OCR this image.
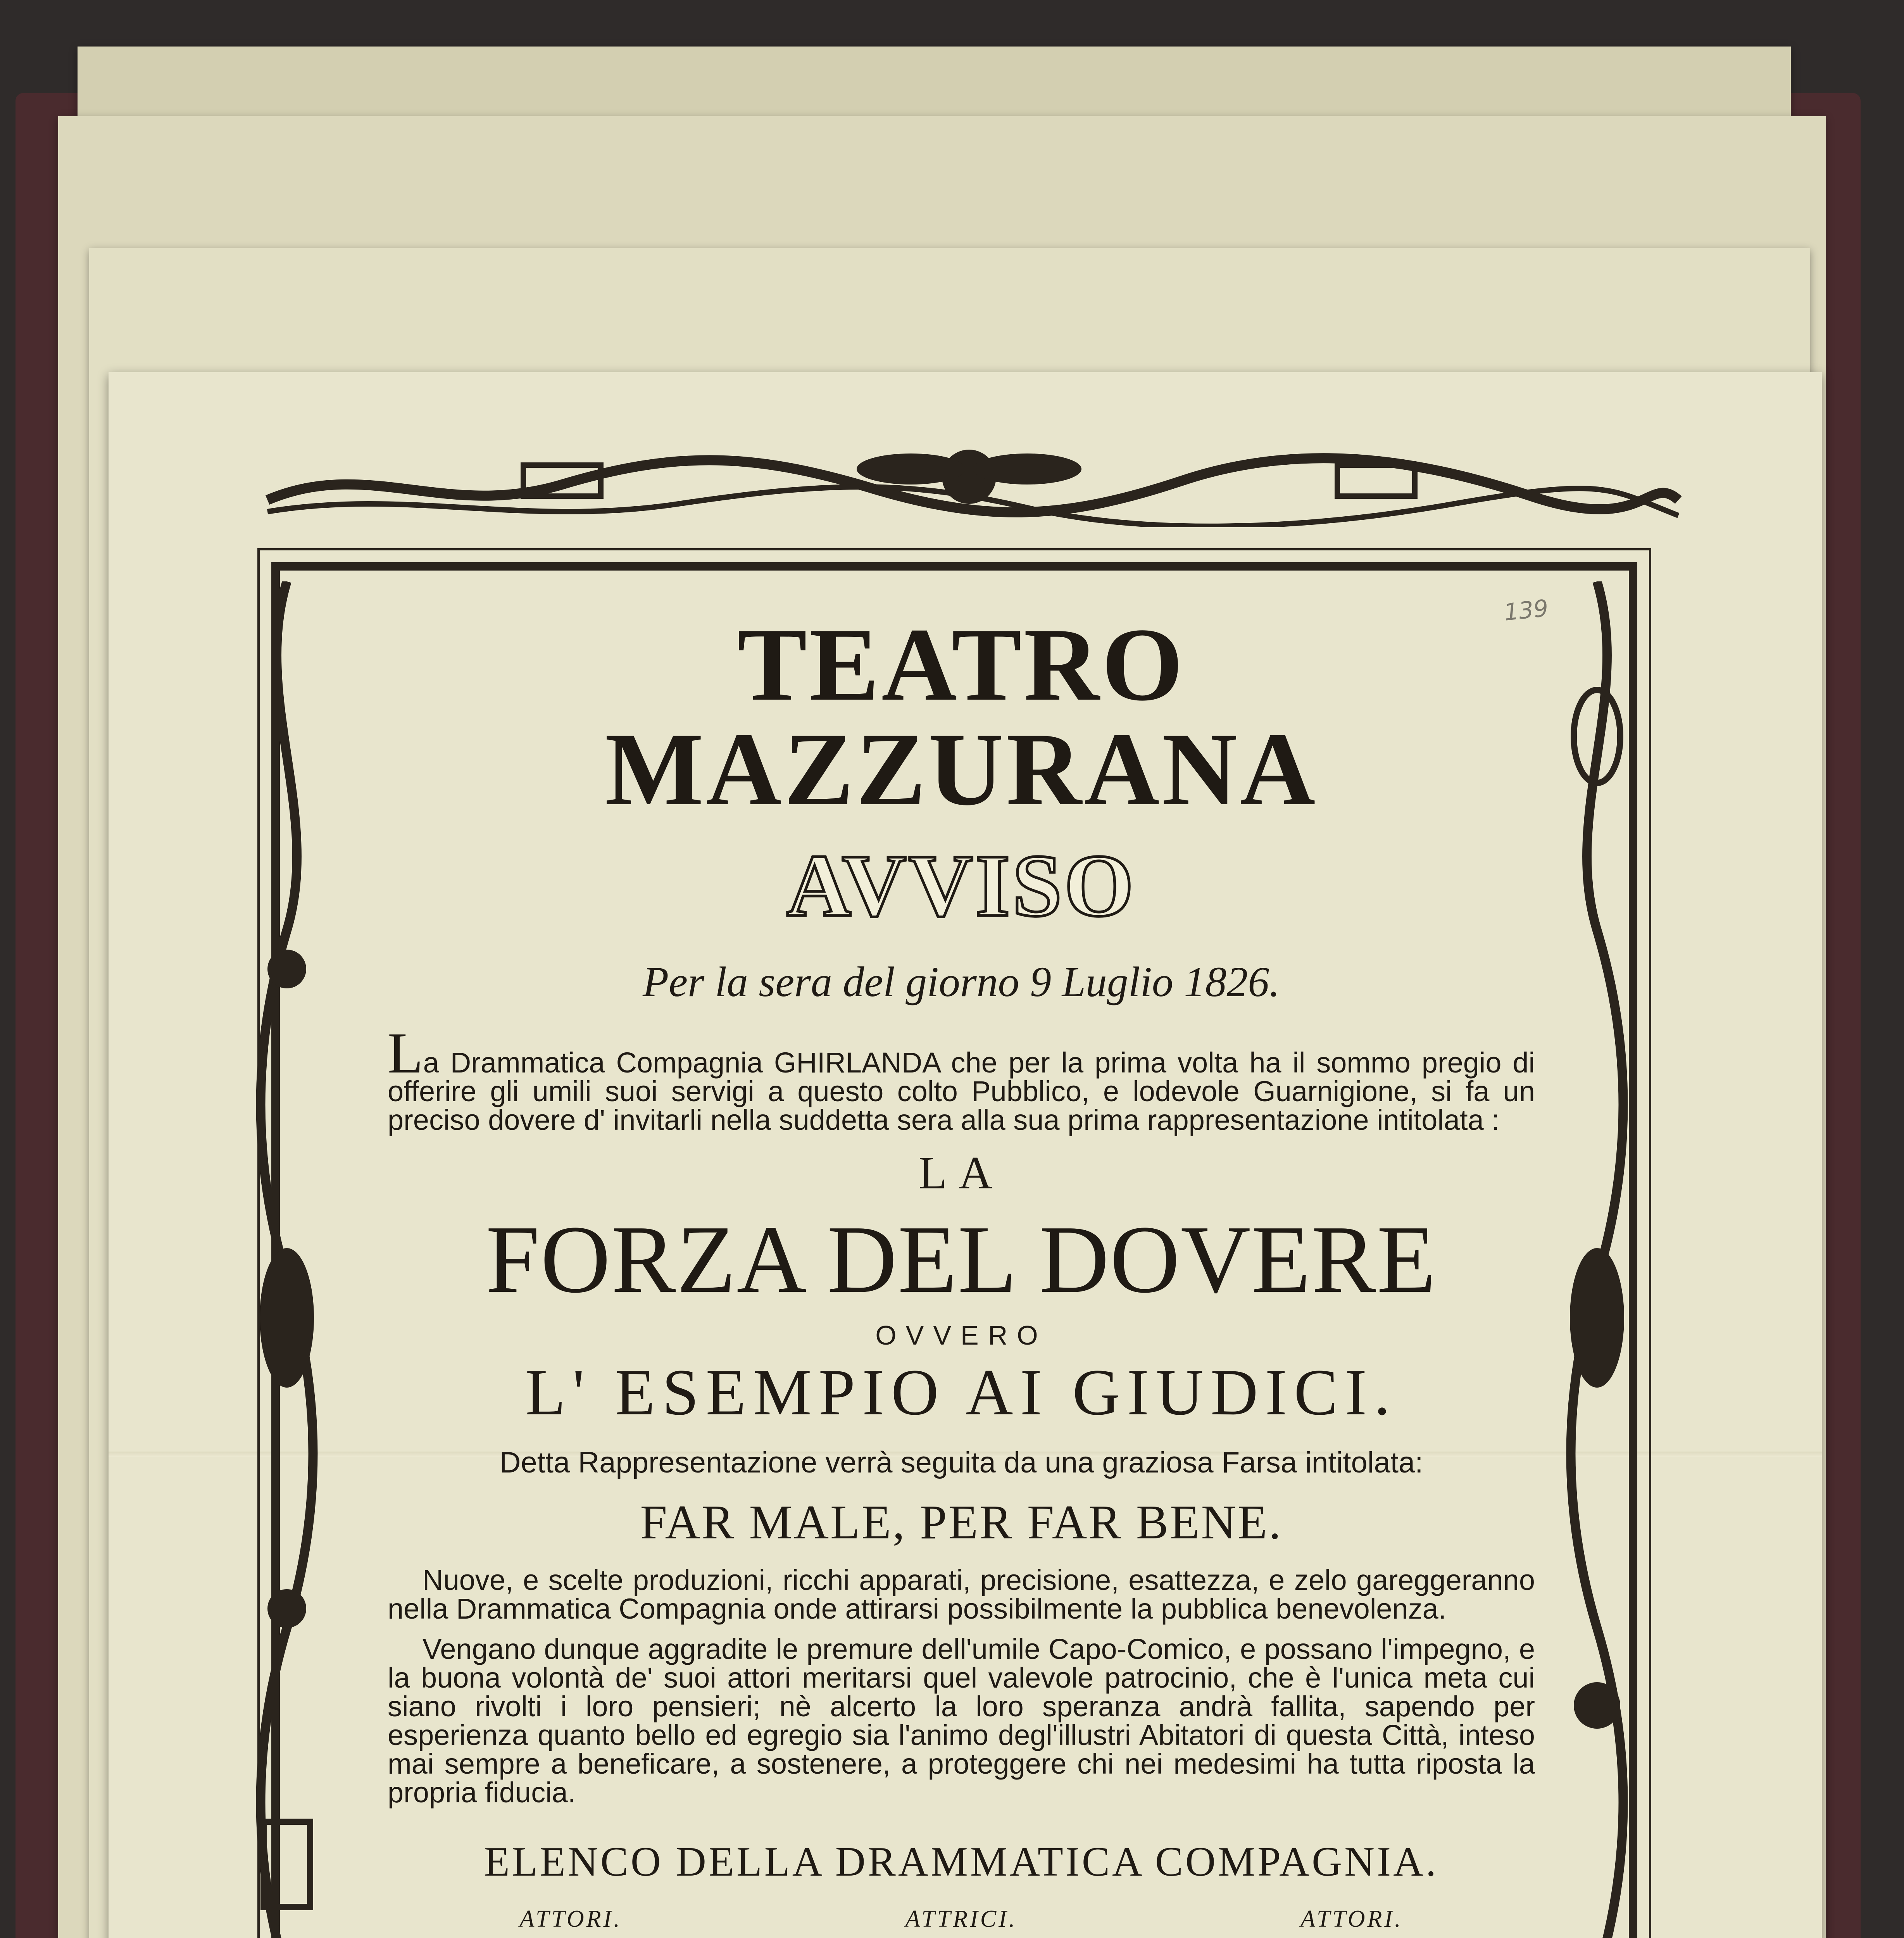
139
TEATRO MAZZURANA
AVVISO
Per la sera del giorno 9 Luglio 1826.
La Drammatica Compagnia GHIRLANDA che per la prima volta ha il sommo pregio di offerire gli umili suoi servigi a questo colto Pubblico, e lodevole Guarnigione, si fa un preciso dovere d' invitarli nella suddetta sera alla sua prima rappresentazione intitolata :
LA
FORZA DEL DOVERE
OVVERO
L' ESEMPIO AI GIUDICI.
Detta Rappresentazione verrà seguita da una graziosa Farsa intitolata:
FAR MALE, PER FAR BENE.
Nuove, e scelte produzioni, ricchi apparati, precisione, esattezza, e zelo gareggeranno nella Drammatica Compagnia onde attirarsi possibilmente la pubblica benevolenza.
Vengano dunque aggradite le premure dell'umile Capo-Comico, e possano l'impegno, e la buona volontà de' suoi attori meritarsi quel valevole patrocinio, che è l'unica meta cui siano rivolti i loro pensieri; nè alcerto la loro speranza andrà fallita, sapendo per esperienza quanto bello ed egregio sia l'animo degl'illustri Abitatori di questa Città, inteso mai sempre a beneficare, a sostenere, a proteggere chi nei medesimi ha tutta riposta la propria fiducia.
ELENCO DELLA DRAMMATICA COMPAGNIA.
ATTORI.	ATTRICI.	ATTORI.
